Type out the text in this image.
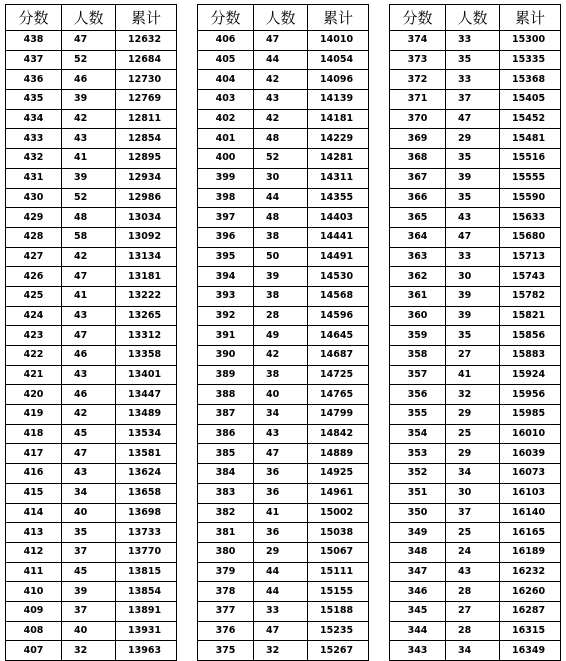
分数	人数	累计
438	47	12632
437	52	12684
436	46	12730
435	39	12769
434	42	12811
433	43	12854
432	41	12895
431	39	12934
430	52	12986
429	48	13034
428	58	13092
427	42	13134
426	47	13181
425	41	13222
424	43	13265
423	47	13312
422	46	13358
421	43	13401
420	46	13447
419	42	13489
418	45	13534
417	47	13581
416	43	13624
415	34	13658
414	40	13698
413	35	13733
412	37	13770
411	45	13815
410	39	13854
409	37	13891
408	40	13931
407	32	13963
分数	人数	累计
406	47	14010
405	44	14054
404	42	14096
403	43	14139
402	42	14181
401	48	14229
400	52	14281
399	30	14311
398	44	14355
397	48	14403
396	38	14441
395	50	14491
394	39	14530
393	38	14568
392	28	14596
391	49	14645
390	42	14687
389	38	14725
388	40	14765
387	34	14799
386	43	14842
385	47	14889
384	36	14925
383	36	14961
382	41	15002
381	36	15038
380	29	15067
379	44	15111
378	44	15155
377	33	15188
376	47	15235
375	32	15267
分数	人数	累计
374	33	15300
373	35	15335
372	33	15368
371	37	15405
370	47	15452
369	29	15481
368	35	15516
367	39	15555
366	35	15590
365	43	15633
364	47	15680
363	33	15713
362	30	15743
361	39	15782
360	39	15821
359	35	15856
358	27	15883
357	41	15924
356	32	15956
355	29	15985
354	25	16010
353	29	16039
352	34	16073
351	30	16103
350	37	16140
349	25	16165
348	24	16189
347	43	16232
346	28	16260
345	27	16287
344	28	16315
343	34	16349
